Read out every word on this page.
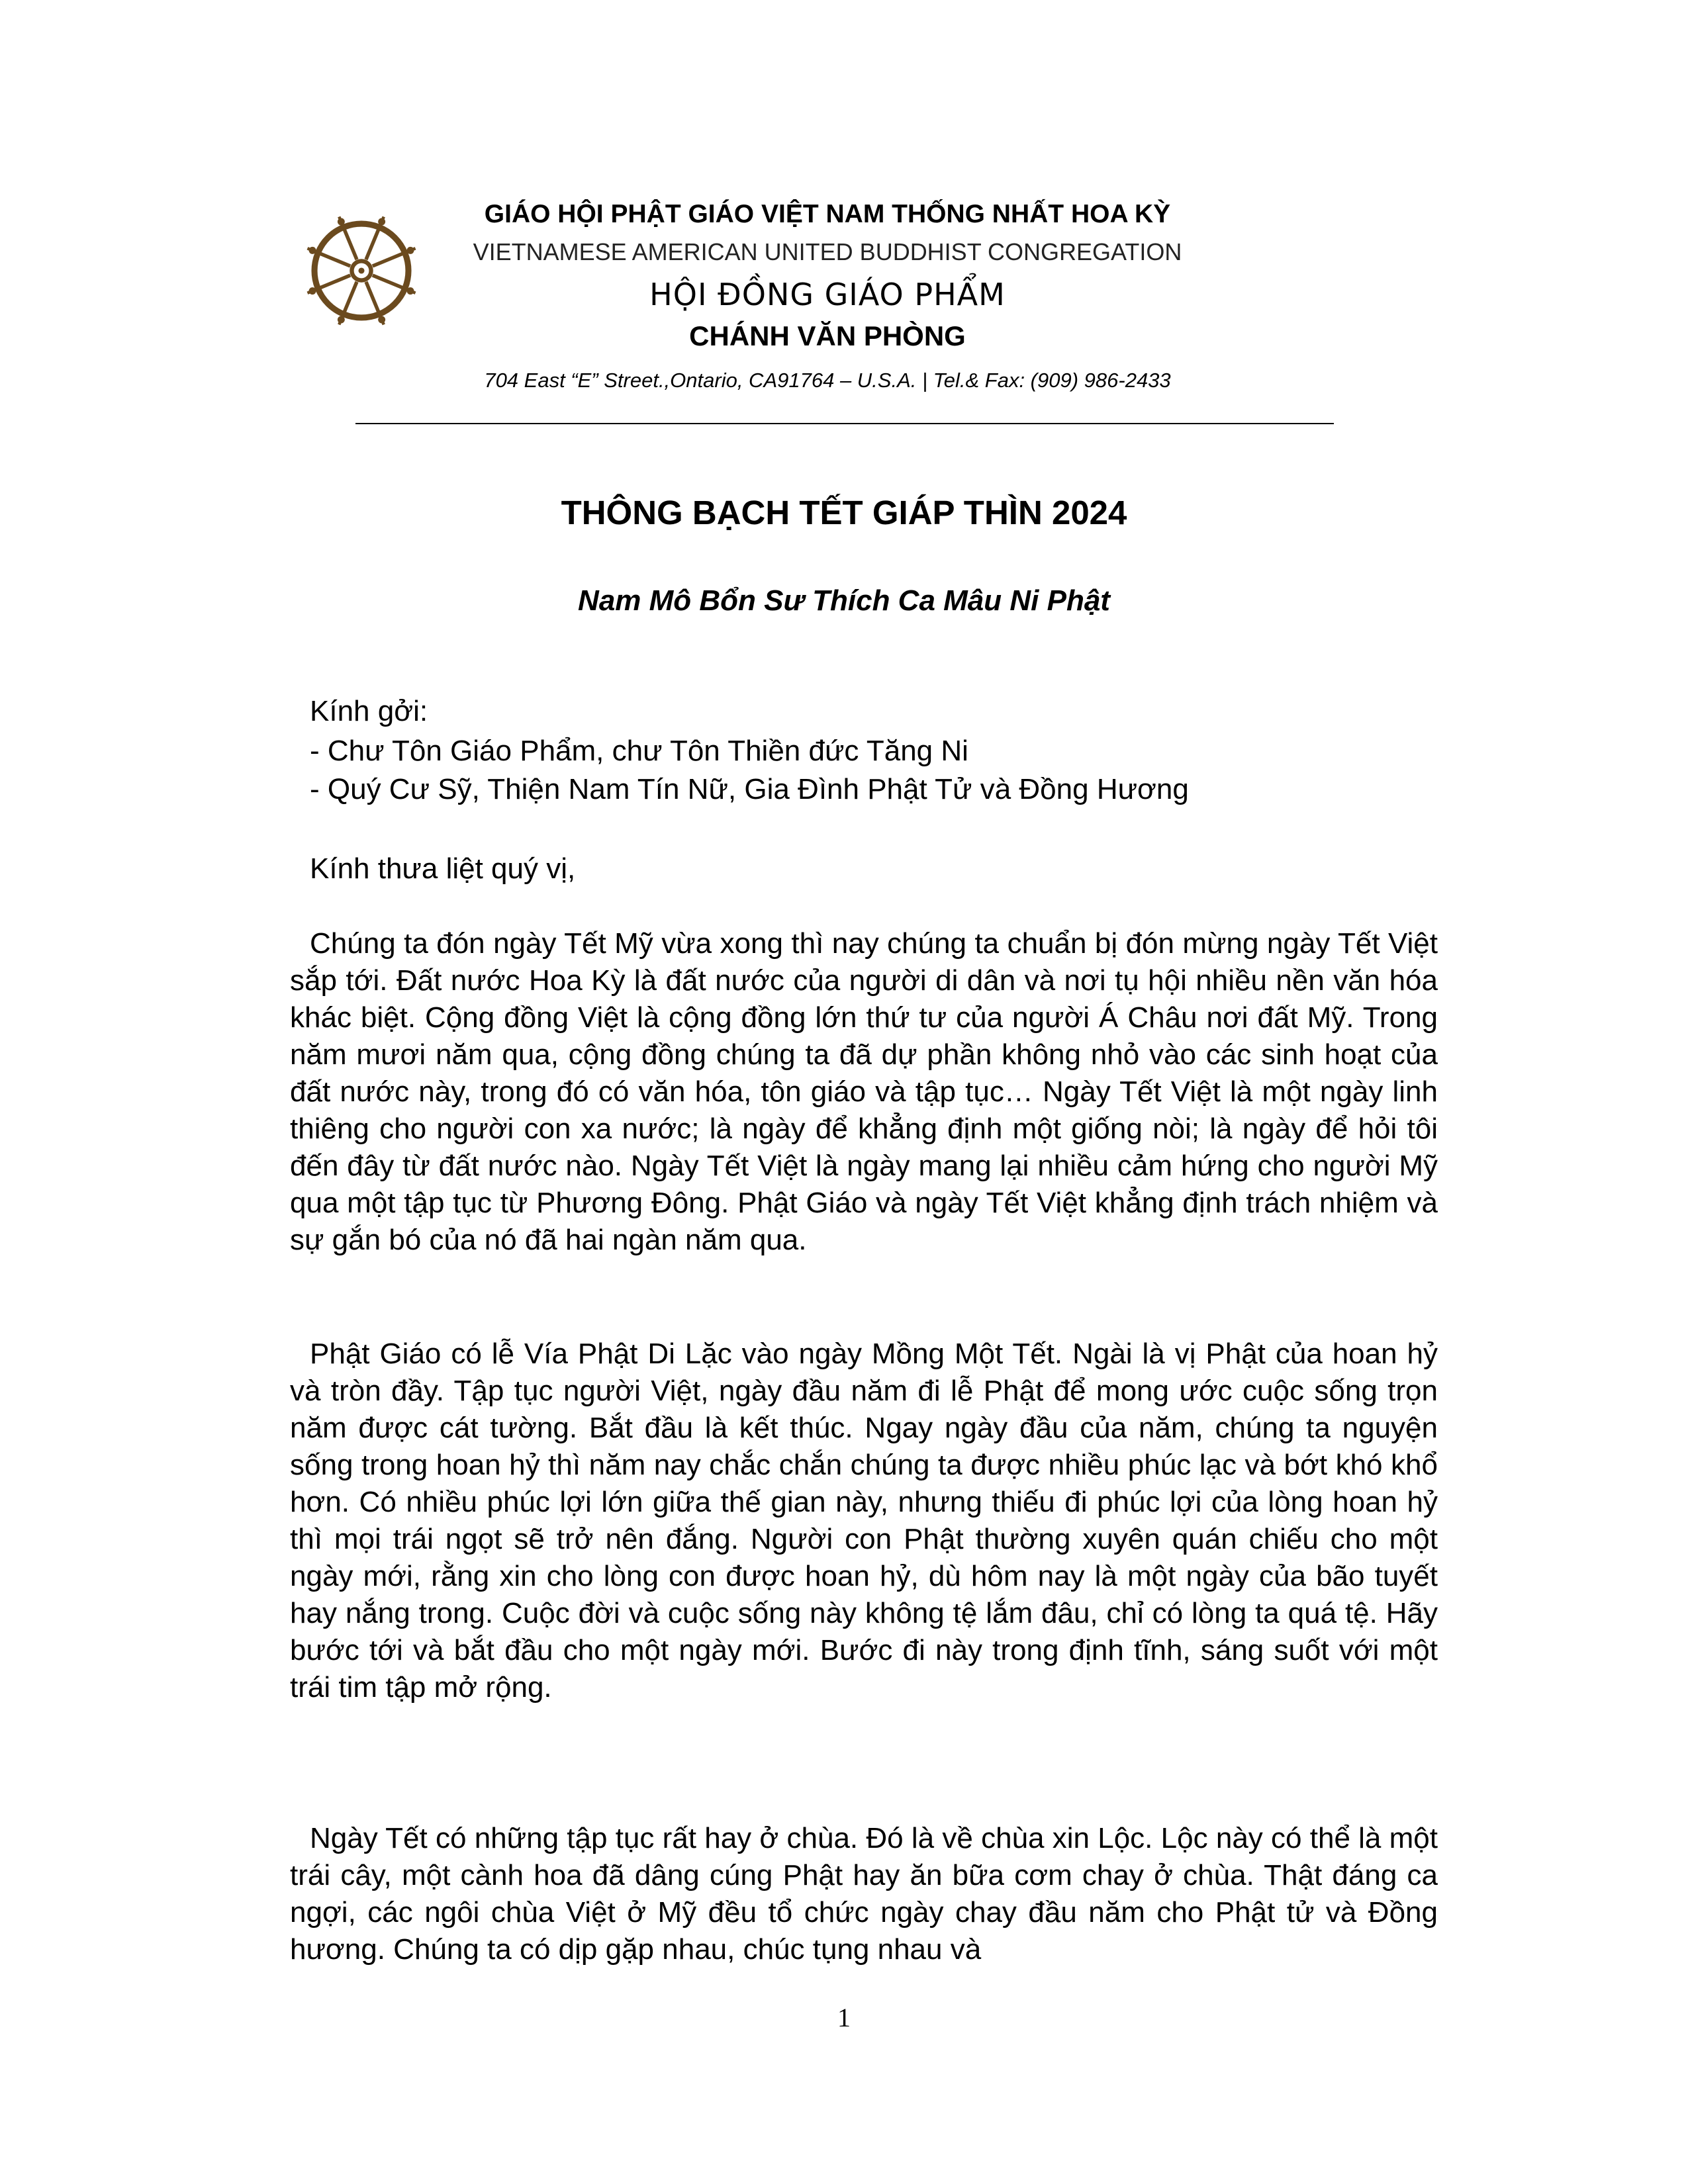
GIÁO HỘI PHẬT GIÁO VIỆT NAM THỐNG NHẤT HOA KỲ
VIETNAMESE AMERICAN UNITED BUDDHIST CONGREGATION
HỘI ĐỒNG GIÁO PHẨM
CHÁNH VĂN PHÒNG
704 East “E” Street.,Ontario, CA91764 – U.S.A. | Tel.& Fax: (909) 986-2433
THÔNG BẠCH TẾT GIÁP THÌN 2024
Nam Mô Bổn Sư Thích Ca Mâu Ni Phật
Kính gởi:
- Chư Tôn Giáo Phẩm, chư Tôn Thiền đức Tăng Ni
- Quý Cư Sỹ, Thiện Nam Tín Nữ, Gia Đình Phật Tử và Đồng Hương
Kính thưa liệt quý vị,
Chúng ta đón ngày Tết Mỹ vừa xong thì nay chúng ta chuẩn bị đón mừng ngày Tết Việt sắp tới. Đất nước Hoa Kỳ là đất nước của người di dân và nơi tụ hội nhiều nền văn hóa khác biệt. Cộng đồng Việt là cộng đồng lớn thứ tư của người Á Châu nơi đất Mỹ. Trong năm mươi năm qua, cộng đồng chúng ta đã dự phần không nhỏ vào các sinh hoạt của đất nước này, trong đó có văn hóa, tôn giáo và tập tục… Ngày Tết Việt là một ngày linh thiêng cho người con xa nước; là ngày để khẳng định một giống nòi; là ngày để hỏi tôi đến đây từ đất nước nào. Ngày Tết Việt là ngày mang lại nhiều cảm hứng cho người Mỹ qua một tập tục từ Phương Đông. Phật Giáo và ngày Tết Việt khẳng định trách nhiệm và sự gắn bó của nó đã hai ngàn năm qua.
Phật Giáo có lễ Vía Phật Di Lặc vào ngày Mồng Một Tết. Ngài là vị Phật của hoan hỷ và tròn đầy. Tập tục người Việt, ngày đầu năm đi lễ Phật để mong ước cuộc sống trọn năm được cát tường. Bắt đầu là kết thúc. Ngay ngày đầu của năm, chúng ta nguyện sống trong hoan hỷ thì năm nay chắc chắn chúng ta được nhiều phúc lạc và bớt khó khổ hơn. Có nhiều phúc lợi lớn giữa thế gian này, nhưng thiếu đi phúc lợi của lòng hoan hỷ thì mọi trái ngọt sẽ trở nên đắng. Người con Phật thường xuyên quán chiếu cho một ngày mới, rằng xin cho lòng con được hoan hỷ, dù hôm nay là một ngày của bão tuyết hay nắng trong. Cuộc đời và cuộc sống này không tệ lắm đâu, chỉ có lòng ta quá tệ. Hãy bước tới và bắt đầu cho một ngày mới. Bước đi này trong định tĩnh, sáng suốt với một trái tim tập mở rộng.
Ngày Tết có những tập tục rất hay ở chùa. Đó là về chùa xin Lộc. Lộc này có thể là một trái cây, một cành hoa đã dâng cúng Phật hay ăn bữa cơm chay ở chùa. Thật đáng ca ngợi, các ngôi chùa Việt ở Mỹ đều tổ chức ngày chay đầu năm cho Phật tử và Đồng hương. Chúng ta có dịp gặp nhau, chúc tụng nhau và
1
